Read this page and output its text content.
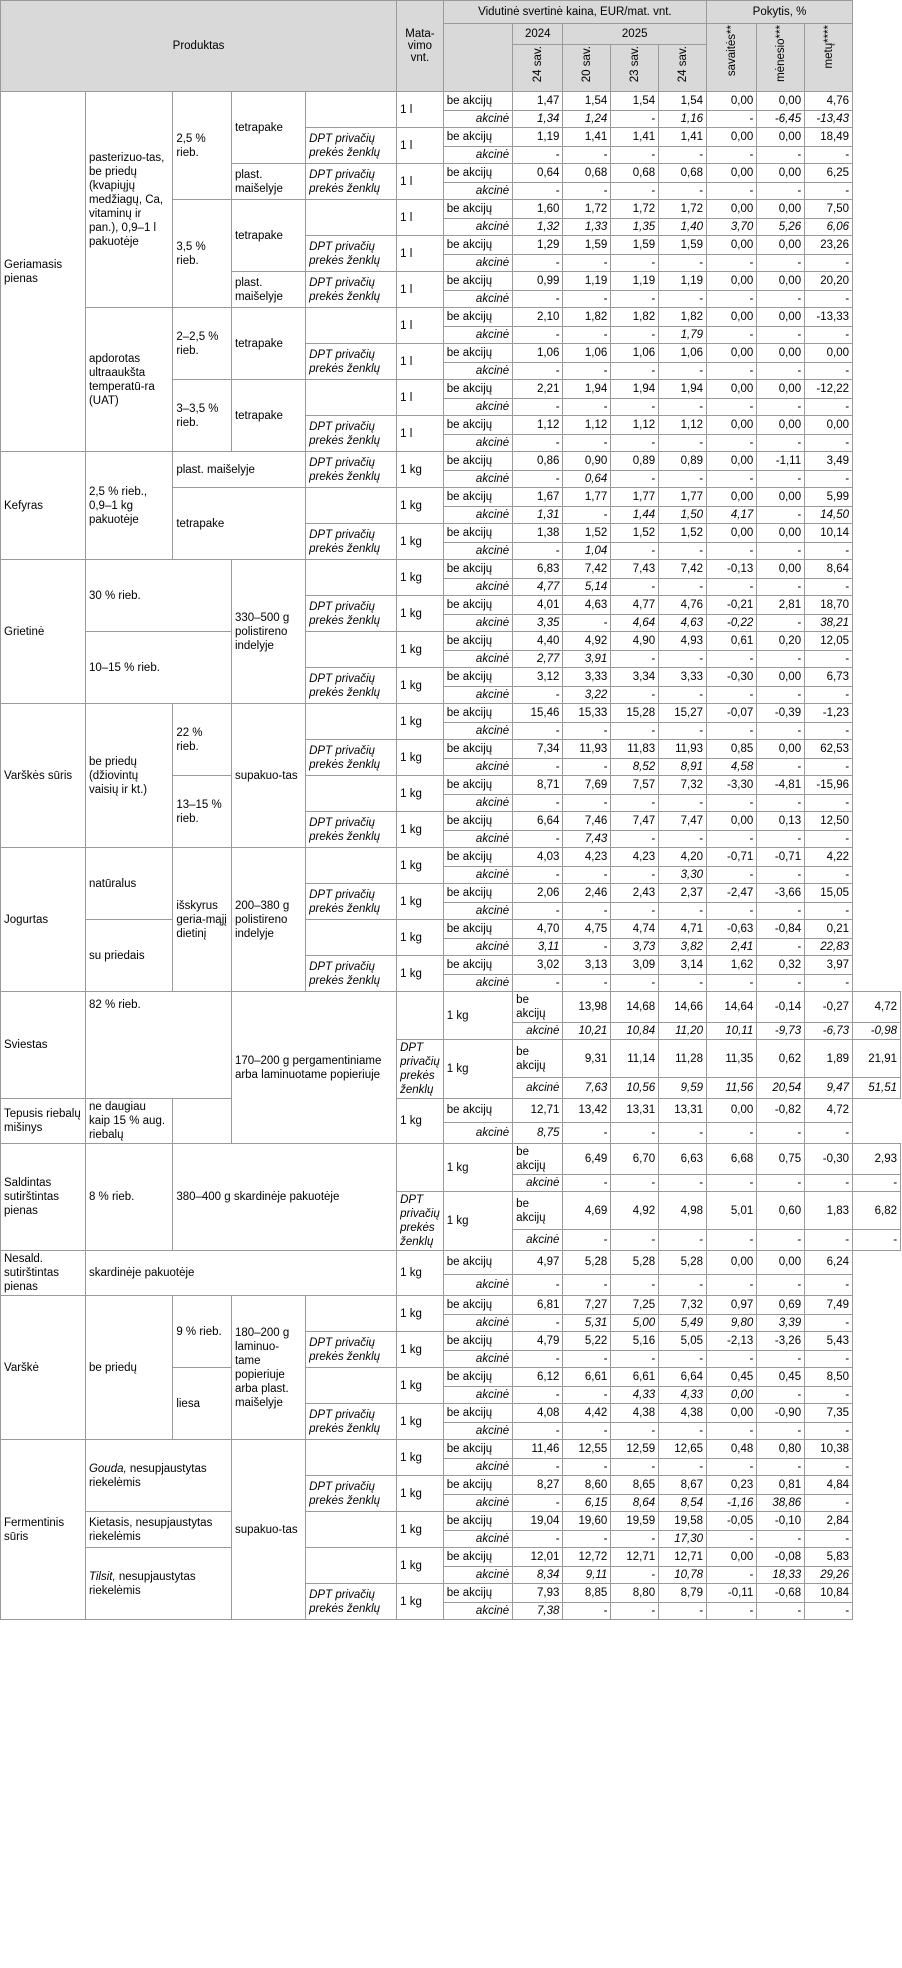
Produktas					Mata-
vimo
vnt.	Vidutinė svertinė kaina, EUR/mat. vnt.					Pokytis, %			
							2024	2025			savaitės**	mėnesio***	metų****	
							24 sav.	20 sav.	23 sav.	24 sav.				
Geriamasis pienas	pasterizuo-tas, be priedų (kvapiųjų medžiagų, Ca, vitaminų ir pan.), 0,9–1 l pakuotėje	2,5 % rieb.	tetrapake		1 l	be akcijų	1,47	1,54	1,54	1,54	0,00	0,00	4,76	
						akcinė	1,34	1,24	-	1,16	-	-6,45	-13,43	
				DPT privačių prekės ženklų	1 l	be akcijų	1,19	1,41	1,41	1,41	0,00	0,00	18,49	
						akcinė	-	-	-	-	-	-	-	
			plast. maišelyje	DPT privačių prekės ženklų	1 l	be akcijų	0,64	0,68	0,68	0,68	0,00	0,00	6,25	
						akcinė	-	-	-	-	-	-	-	
		3,5 % rieb.	tetrapake		1 l	be akcijų	1,60	1,72	1,72	1,72	0,00	0,00	7,50	
						akcinė	1,32	1,33	1,35	1,40	3,70	5,26	6,06	
				DPT privačių prekės ženklų	1 l	be akcijų	1,29	1,59	1,59	1,59	0,00	0,00	23,26	
						akcinė	-	-	-	-	-	-	-	
			plast. maišelyje	DPT privačių prekės ženklų	1 l	be akcijų	0,99	1,19	1,19	1,19	0,00	0,00	20,20	
						akcinė	-	-	-	-	-	-	-	
	apdorotas ultraaukšta temperatū-ra (UAT)	2–2,5 % rieb.	tetrapake		1 l	be akcijų	2,10	1,82	1,82	1,82	0,00	0,00	-13,33	
						akcinė	-	-	-	1,79	-	-	-	
				DPT privačių prekės ženklų	1 l	be akcijų	1,06	1,06	1,06	1,06	0,00	0,00	0,00	
						akcinė	-	-	-	-	-	-	-	
		3–3,5 % rieb.	tetrapake		1 l	be akcijų	2,21	1,94	1,94	1,94	0,00	0,00	-12,22	
						akcinė	-	-	-	-	-	-	-	
				DPT privačių prekės ženklų	1 l	be akcijų	1,12	1,12	1,12	1,12	0,00	0,00	0,00	
						akcinė	-	-	-	-	-	-	-	
Kefyras	2,5 % rieb., 0,9–1 kg pakuotėje	plast. maišelyje		DPT privačių prekės ženklų	1 kg	be akcijų	0,86	0,90	0,89	0,89	0,00	-1,11	3,49	
						akcinė	-	0,64	-	-	-	-	-	
		tetrapake			1 kg	be akcijų	1,67	1,77	1,77	1,77	0,00	0,00	5,99	
						akcinė	1,31	-	1,44	1,50	4,17	-	14,50	
				DPT privačių prekės ženklų	1 kg	be akcijų	1,38	1,52	1,52	1,52	0,00	0,00	10,14	
						akcinė	-	1,04	-	-	-	-	-	
Grietinė	30 % rieb.		330–500 g polistireno indelyje		1 kg	be akcijų	6,83	7,42	7,43	7,42	-0,13	0,00	8,64	
						akcinė	4,77	5,14	-	-	-	-	-	
				DPT privačių prekės ženklų	1 kg	be akcijų	4,01	4,63	4,77	4,76	-0,21	2,81	18,70	
						akcinė	3,35	-	4,64	4,63	-0,22	-	38,21	
	10–15 % rieb.				1 kg	be akcijų	4,40	4,92	4,90	4,93	0,61	0,20	12,05	
						akcinė	2,77	3,91	-	-	-	-	-	
				DPT privačių prekės ženklų	1 kg	be akcijų	3,12	3,33	3,34	3,33	-0,30	0,00	6,73	
						akcinė	-	3,22	-	-	-	-	-	
Varškės sūris	be priedų (džiovintų vaisių ir kt.)	22 % rieb.	supakuo-tas		1 kg	be akcijų	15,46	15,33	15,28	15,27	-0,07	-0,39	-1,23	
						akcinė	-	-	-	-	-	-	-	
				DPT privačių prekės ženklų	1 kg	be akcijų	7,34	11,93	11,83	11,93	0,85	0,00	62,53	
						akcinė	-	-	8,52	8,91	4,58	-	-	
		13–15 % rieb.			1 kg	be akcijų	8,71	7,69	7,57	7,32	-3,30	-4,81	-15,96	
						akcinė	-	-	-	-	-	-	-	
				DPT privačių prekės ženklų	1 kg	be akcijų	6,64	7,46	7,47	7,47	0,00	0,13	12,50	
						akcinė	-	7,43	-	-	-	-	-	
Jogurtas	natūralus	išskyrus geria-mąjį dietinį	200–380 g polistireno indelyje		1 kg	be akcijų	4,03	4,23	4,23	4,20	-0,71	-0,71	4,22	
						akcinė	-	-	-	3,30	-	-	-	
				DPT privačių prekės ženklų	1 kg	be akcijų	2,06	2,46	2,43	2,37	-2,47	-3,66	15,05	
						akcinė	-	-	-	-	-	-	-	
	su priedais				1 kg	be akcijų	4,70	4,75	4,74	4,71	-0,63	-0,84	0,21	
						akcinė	3,11	-	3,73	3,82	2,41	-	22,83	
				DPT privačių prekės ženklų	1 kg	be akcijų	3,02	3,13	3,09	3,14	1,62	0,32	3,97	
						akcinė	-	-	-	-	-	-	-	
Sviestas	82 % rieb.		170–200 g pergamentiniame arba laminuotame popieriuje			1 kg	be akcijų	13,98	14,68	14,66	14,64	-0,14	-0,27	4,72
							akcinė	10,21	10,84	11,20	10,11	-9,73	-6,73	-0,98
					DPT privačių prekės ženklų	1 kg	be akcijų	9,31	11,14	11,28	11,35	0,62	1,89	21,91
							akcinė	7,63	10,56	9,59	11,56	20,54	9,47	51,51
Tepusis riebalų mišinys	ne daugiau kaip 15 % aug. riebalų				1 kg	be akcijų	12,71	13,42	13,31	13,31	0,00	-0,82	4,72	
						akcinė	8,75	-	-	-	-	-	-	
Saldintas sutirštintas pienas	8 % rieb.	380–400 g skardinėje pakuotėje				1 kg	be akcijų	6,49	6,70	6,63	6,68	0,75	-0,30	2,93
							akcinė	-	-	-	-	-	-	-
					DPT privačių prekės ženklų	1 kg	be akcijų	4,69	4,92	4,98	5,01	0,60	1,83	6,82
							akcinė	-	-	-	-	-	-	-
Nesald. sutirštintas pienas	skardinėje pakuotėje				1 kg	be akcijų	4,97	5,28	5,28	5,28	0,00	0,00	6,24	
						akcinė	-	-	-	-	-	-	-	
Varškė	be priedų	9 % rieb.	180–200 g laminuo-tame popieriuje arba plast. maišelyje		1 kg	be akcijų	6,81	7,27	7,25	7,32	0,97	0,69	7,49	
						akcinė	-	5,31	5,00	5,49	9,80	3,39	-	
				DPT privačių prekės ženklų	1 kg	be akcijų	4,79	5,22	5,16	5,05	-2,13	-3,26	5,43	
						akcinė	-	-	-	-	-	-	-	
		liesa			1 kg	be akcijų	6,12	6,61	6,61	6,64	0,45	0,45	8,50	
						akcinė	-	-	4,33	4,33	0,00	-	-	
				DPT privačių prekės ženklų	1 kg	be akcijų	4,08	4,42	4,38	4,38	0,00	-0,90	7,35	
						akcinė	-	-	-	-	-	-	-	
Fermentinis sūris	Gouda, nesupjaustytas riekelėmis		supakuo-tas		1 kg	be akcijų	11,46	12,55	12,59	12,65	0,48	0,80	10,38	
						akcinė	-	-	-	-	-	-	-	
				DPT privačių prekės ženklų	1 kg	be akcijų	8,27	8,60	8,65	8,67	0,23	0,81	4,84	
						akcinė	-	6,15	8,64	8,54	-1,16	38,86	-	
	Kietasis, nesupjaustytas riekelėmis				1 kg	be akcijų	19,04	19,60	19,59	19,58	-0,05	-0,10	2,84	
						akcinė	-	-	-	17,30	-	-	-	
	Tilsit, nesupjaustytas riekelėmis				1 kg	be akcijų	12,01	12,72	12,71	12,71	0,00	-0,08	5,83	
						akcinė	8,34	9,11	-	10,78	-	18,33	29,26	
				DPT privačių prekės ženklų	1 kg	be akcijų	7,93	8,85	8,80	8,79	-0,11	-0,68	10,84	
						akcinė	7,38	-	-	-	-	-	-	
